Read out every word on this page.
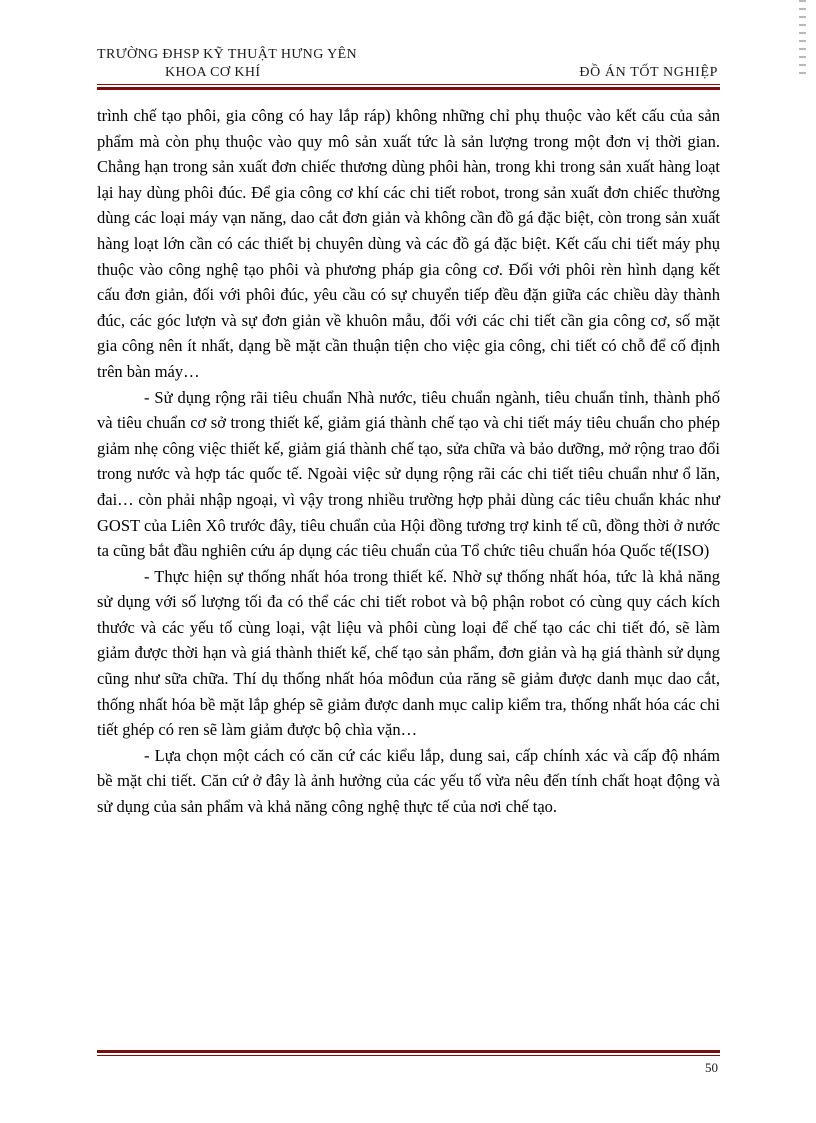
TRƯỜNG ĐHSP KỸ THUẬT HƯNG YÊN
KHOA CƠ KHÍ	ĐỒ ÁN TỐT NGHIỆP

trình chế tạo phôi, gia công có hay lắp ráp) không những chỉ phụ thuộc vào kết cấu của sản phẩm mà còn phụ thuộc vào quy mô sản xuất tức là sản lượng trong một đơn vị thời gian. Chẳng hạn trong sản xuất đơn chiếc thương dùng phôi hàn, trong khi trong sản xuất hàng loạt lại hay dùng phôi đúc. Để gia công cơ khí các chi tiết robot, trong sản xuất đơn chiếc thường dùng các loại máy vạn năng, dao cắt đơn giản và không cần đồ gá đặc biệt, còn trong sản xuất hàng loạt lớn cần có các thiết bị chuyên dùng và các đồ gá đặc biệt. Kết cấu chi tiết máy phụ thuộc vào công nghệ tạo phôi và phương pháp gia công cơ. Đối với phôi rèn hình dạng kết cấu đơn giản, đối với phôi đúc, yêu cầu có sự chuyển tiếp đều đặn giữa các chiều dày thành đúc, các góc lượn và sự đơn giản về khuôn mẫu, đối với các chi tiết cần gia công cơ, số mặt gia công nên ít nhất, dạng bề mặt cần thuận tiện cho việc gia công, chi tiết có chỗ để cố định trên bàn máy…

- Sử dụng rộng rãi tiêu chuẩn Nhà nước, tiêu chuẩn ngành, tiêu chuẩn tỉnh, thành phố và tiêu chuẩn cơ sở trong thiết kế, giảm giá thành chế tạo và chi tiết máy tiêu chuẩn cho phép giảm nhẹ công việc thiết kế, giảm giá thành chế tạo, sửa chữa và bảo dưỡng, mở rộng trao đổi trong nước và hợp tác quốc tế. Ngoài việc sử dụng rộng rãi các chi tiết tiêu chuẩn như ổ lăn, đai… còn phải nhập ngoại, vì vậy trong nhiều trường hợp phải dùng các tiêu chuẩn khác như GOST của Liên Xô trước đây, tiêu chuẩn của Hội đồng tương trợ kinh tế cũ, đồng thời ở nước ta cũng bắt đầu nghiên cứu áp dụng các tiêu chuẩn của Tổ chức tiêu chuẩn hóa Quốc tế(ISO)

- Thực hiện sự thống nhất hóa trong thiết kế. Nhờ sự thống nhất hóa, tức là khả năng sử dụng với số lượng tối đa có thể các chi tiết robot và bộ phận robot có cùng quy cách kích thước và các yếu tố cùng loại, vật liệu và phôi cùng loại để chế tạo các chi tiết đó, sẽ làm giảm được thời hạn và giá thành thiết kế, chế tạo sản phẩm, đơn giản và hạ giá thành sử dụng cũng như sữa chữa. Thí dụ thống nhất hóa môđun của răng sẽ giảm được danh mục dao cắt, thống nhất hóa bề mặt lắp ghép sẽ giảm được danh mục calip kiểm tra, thống nhất hóa các chi tiết ghép có ren sẽ làm giảm được bộ chìa vặn…

- Lựa chọn một cách có căn cứ các kiểu lắp, dung sai, cấp chính xác và cấp độ nhám bề mặt chi tiết. Căn cứ ở đây là ảnh hưởng của các yếu tố vừa nêu đến tính chất hoạt động và sử dụng của sản phẩm và khả năng công nghệ thực tế của nơi chế tạo.

50
